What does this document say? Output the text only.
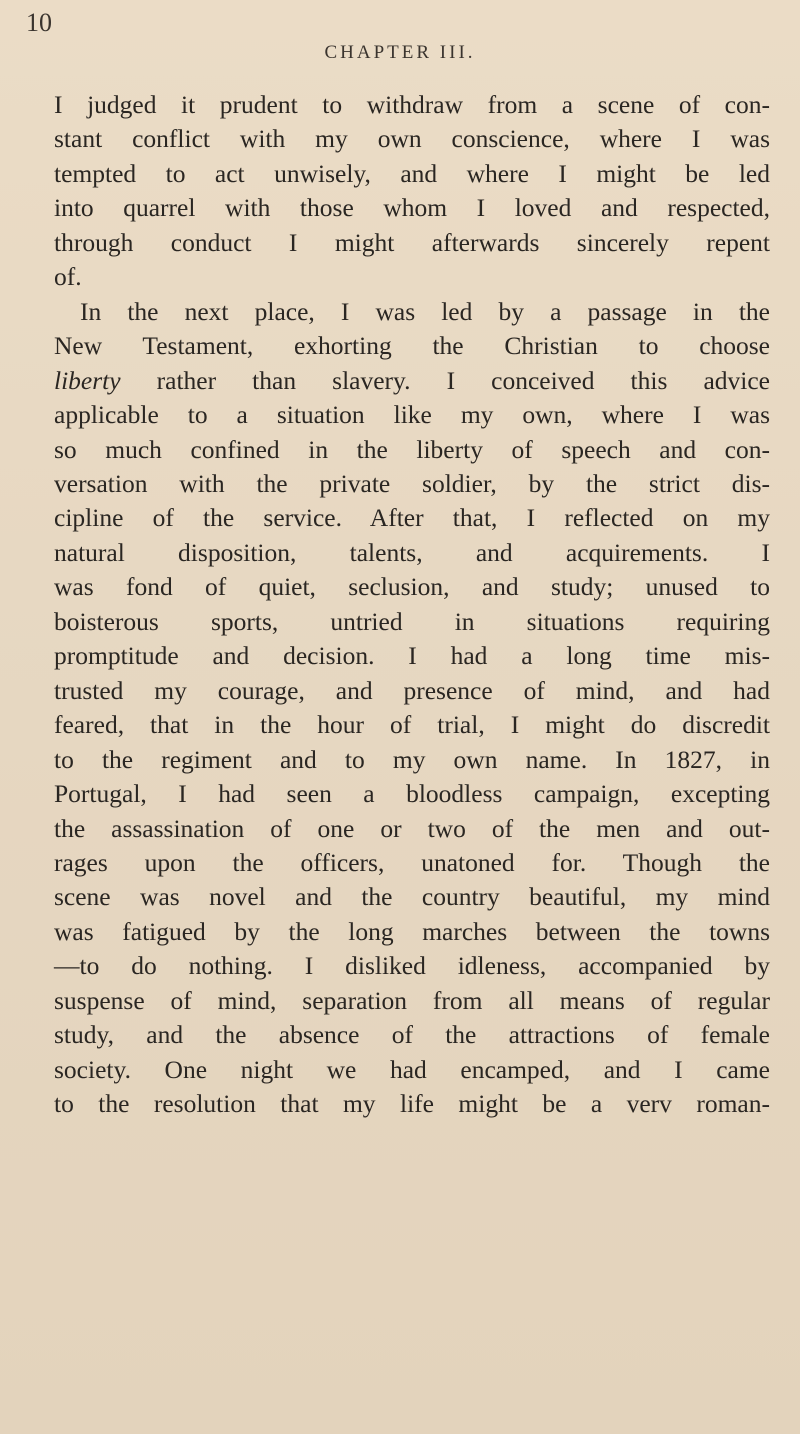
10
CHAPTER III.
I judged it prudent to withdraw from a scene of con-
stant conflict with my own conscience, where I was
tempted to act unwisely, and where I might be led
into quarrel with those whom I loved and respected,
through conduct I might afterwards sincerely repent
of.
In the next place, I was led by a passage in the
New Testament, exhorting the Christian to choose
liberty rather than slavery. I conceived this advice
applicable to a situation like my own, where I was
so much confined in the liberty of speech and con-
versation with the private soldier, by the strict dis-
cipline of the service. After that, I reflected on my
natural disposition, talents, and acquirements. I
was fond of quiet, seclusion, and study; unused to
boisterous sports, untried in situations requiring
promptitude and decision. I had a long time mis-
trusted my courage, and presence of mind, and had
feared, that in the hour of trial, I might do discredit
to the regiment and to my own name. In 1827, in
Portugal, I had seen a bloodless campaign, excepting
the assassination of one or two of the men and out-
rages upon the officers, unatoned for. Though the
scene was novel and the country beautiful, my mind
was fatigued by the long marches between the towns
—to do nothing. I disliked idleness, accompanied by
suspense of mind, separation from all means of regular
study, and the absence of the attractions of female
society. One night we had encamped, and I came
to the resolution that my life might be a verv roman-
